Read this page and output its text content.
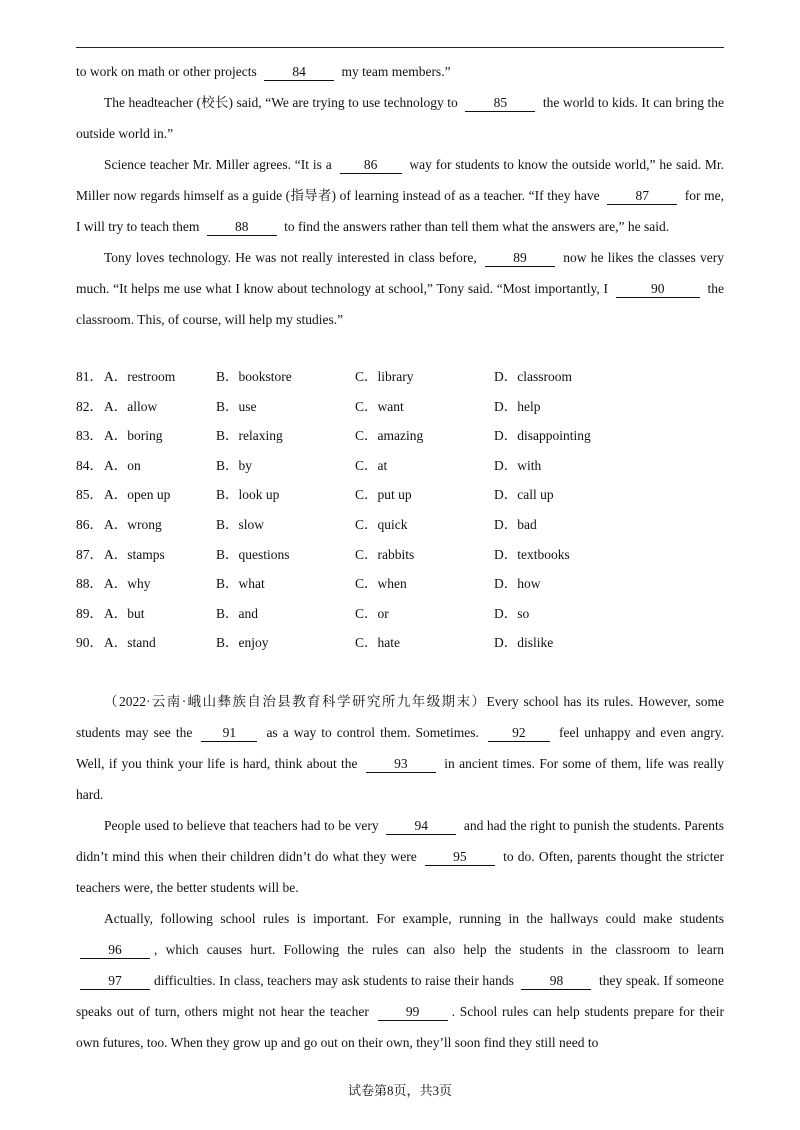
to work on math or other projects	84	my team members.”

The headteacher (校长) said, “We are trying to use technology to	85	the world to kids. It can bring the outside world in.”

Science teacher Mr. Miller agrees. “It is a 86 way for students to know the outside world,” he said. Mr. Miller now regards himself as a guide (指导者) of learning instead of as a teacher. “If they have	87	for me, I will try to teach them	88	to find the answers rather than tell them what the answers are,” he said.

Tony loves technology. He was not really interested in class before,	89	now he likes the classes very much. “It helps me use what I know about technology at school,” Tony said. “Most importantly, I	90	the classroom. This, of course, will help my studies.”

81． A．restroom	B．bookstore	C．library	D．classroom
82． A．allow	B．use	C．want	D．help
83． A．boring	B．relaxing	C．amazing	D．disappointing
84． A．on	B．by	C．at	D．with
85． A．open up	B．look up	C．put up	D．call up
86． A．wrong	B．slow	C．quick	D．bad
87． A．stamps	B．questions	C．rabbits	D．textbooks
88． A．why	B．what	C．when	D．how
89． A．but	B．and	C．or	D．so
90． A．stand	B．enjoy	C．hate	D．dislike

（2022·云南·峨山彝族自治县教育科学研究所九年级期末）Every school has its rules. However, some students may see the 91 as a way to control them. Sometimes. 92 feel unhappy and even angry. Well, if you think your life is hard, think about the	93	in ancient times. For some of them, life was really hard.

People used to believe that teachers had to be very	94	and had the right to punish the students. Parents didn’t mind this when their children didn’t do what they were	95	to do. Often, parents thought the stricter teachers were, the better students will be.

Actually, following school rules is important. For example, running in the hallways could make students 96 , which causes hurt. Following the rules can also help the students in the classroom to learn 97 difficulties. In class, teachers may ask students to raise their hands	98	they speak. If someone speaks out of turn, others might not hear the teacher	99 . School rules can help students prepare for their own futures, too. When they grow up and go out on their own, they’ll soon find they still need to

试卷第8页，共3页
